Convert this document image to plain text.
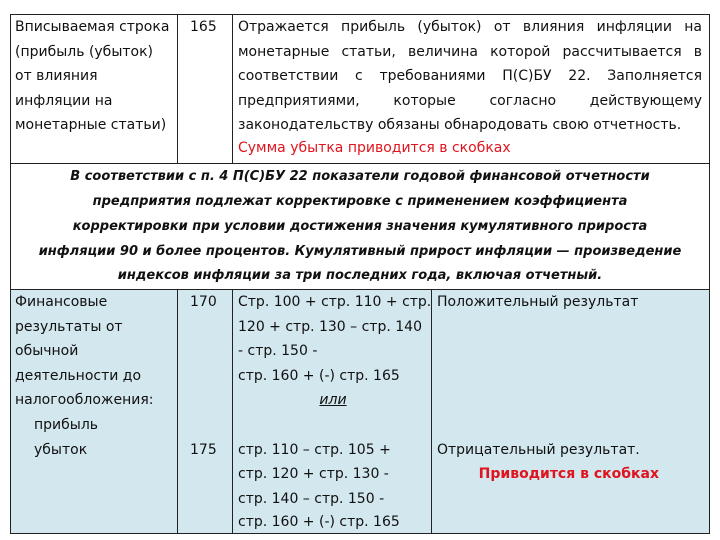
Вписываемая строка
(прибыль (убыток)
от влияния
инфляции на
монетарные статьи)
165 Отражается прибыль (убыток) от влияния инфляции на
монетарные статьи, величина которой рассчитывается в
соответствии с требованиями П(С)БУ 22. Заполняется
предприятиями, которые согласно действующему
законодательству обязаны обнародовать свою отчетность.
Сумма убытка приводится в скобках
В соответствии с п. 4 П(С)БУ 22 показатели годовой финансовой отчетности
предприятия подлежат корректировке с применением коэффициента
корректировки при условии достижения значения кумулятивного прироста
инфляции 90 и более процентов. Кумулятивный прирост инфляции — произведение
индексов инфляции за три последних года, включая отчетный.
Финансовые
результаты от
обычной
деятельности до
налогообложения:
прибыль
170 Стр. 100 + стр. 110 + стр.
120 + стр. 130 – стр. 140
- стр. 150 -
стр. 160 + (-) стр. 165
или
Положительный результат
убыток	175 стр. 110 – стр. 105 +
стр. 120 + стр. 130 -
стр. 140 – стр. 150 -
стр. 160 + (-) стр. 165
Отрицательный результат.
Приводится в скобках
